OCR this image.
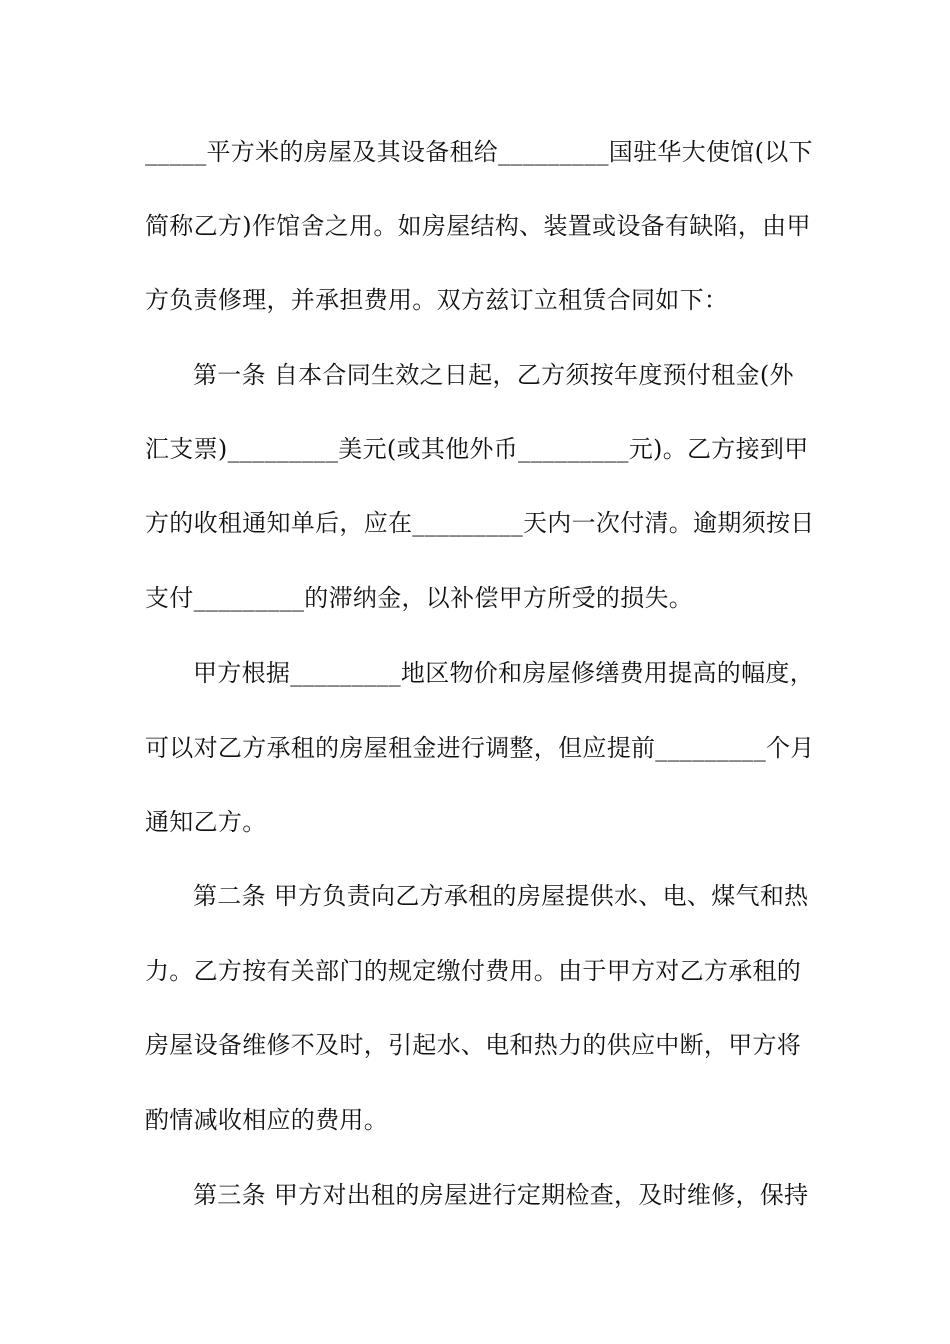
_____平方米的房屋及其设备租给_________国驻华大使馆(以下
简称乙方)作馆舍之用。如房屋结构、装置或设备有缺陷，由甲
方负责修理，并承担费用。双方兹订立租赁合同如下：
第一条 自本合同生效之日起，乙方须按年度预付租金(外
汇支票)_________美元(或其他外币_________元)。乙方接到甲
方的收租通知单后，应在_________天内一次付清。逾期须按日
支付_________的滞纳金，以补偿甲方所受的损失。
甲方根据_________地区物价和房屋修缮费用提高的幅度，
可以对乙方承租的房屋租金进行调整，但应提前_________个月
通知乙方。
第二条 甲方负责向乙方承租的房屋提供水、电、煤气和热
力。乙方按有关部门的规定缴付费用。由于甲方对乙方承租的
房屋设备维修不及时，引起水、电和热力的供应中断，甲方将
酌情减收相应的费用。
第三条 甲方对出租的房屋进行定期检查，及时维修，保持
